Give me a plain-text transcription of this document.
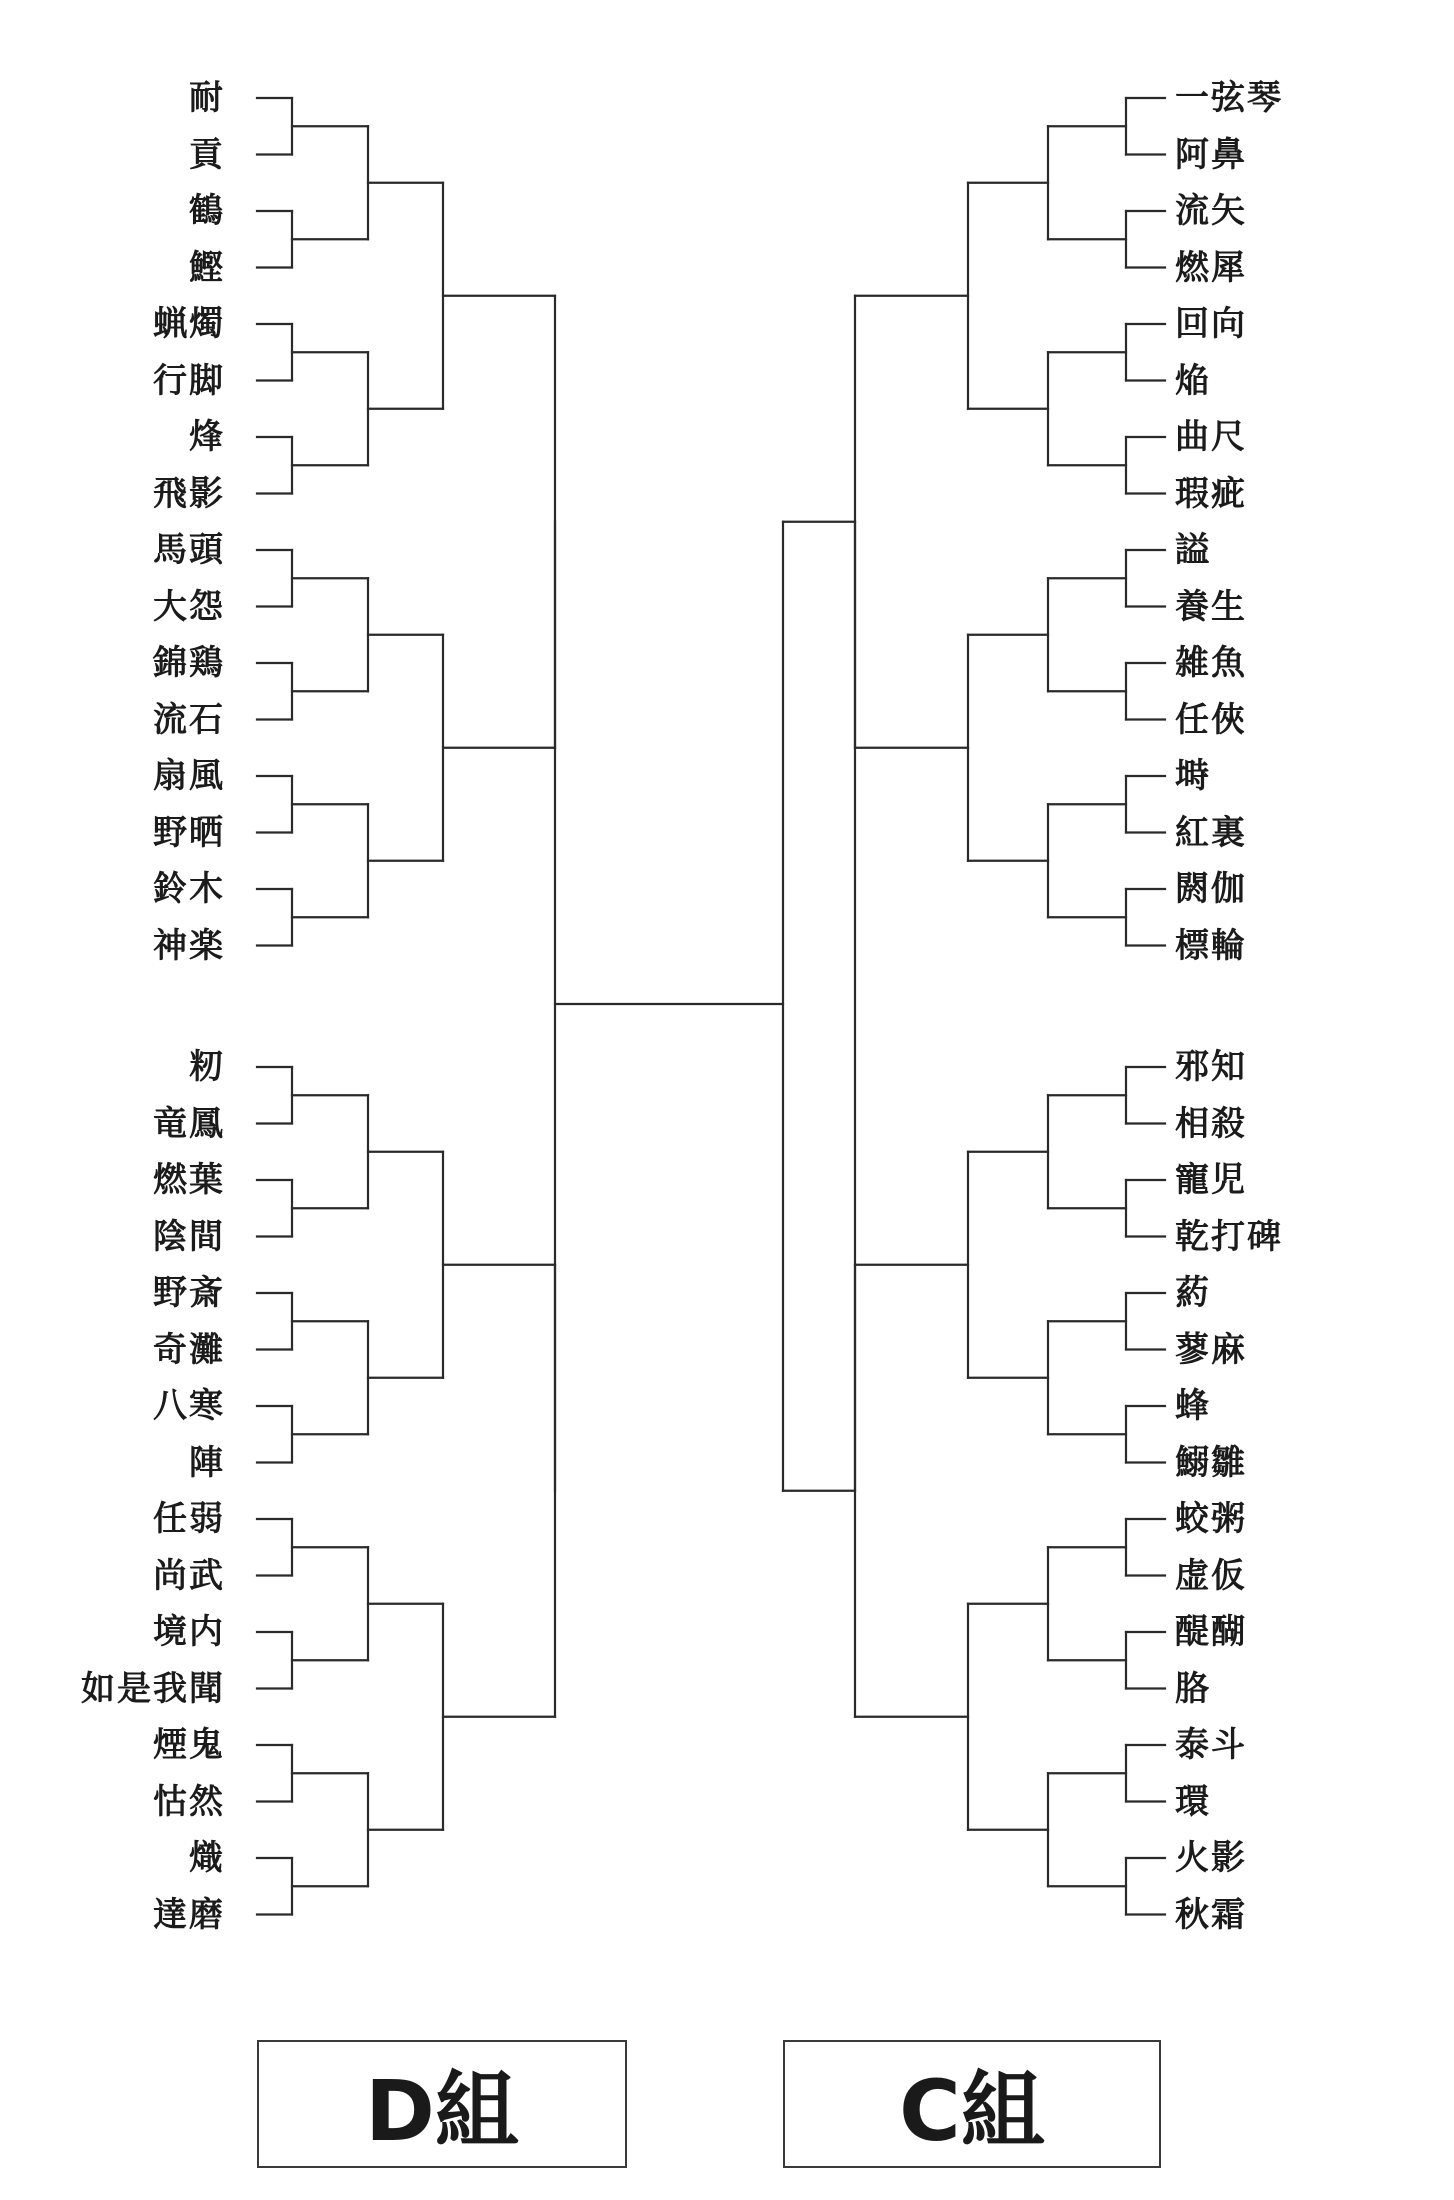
耐
貢
鶴
鰹
蝋燭
行脚
烽
飛影
馬頭
大怨
錦鶏
流石
扇風
野晒
鈴木
神楽
籾
竜鳳
燃葉
陰間
野斎
奇灘
八寒
陣
任弱
尚武
境内
如是我聞
煙鬼
怙然
熾
達磨
一弦琴
阿鼻
流矢
燃犀
回向
焔
曲尺
瑕疵
謚
養生
雑魚
任俠
塒
紅裏
閼伽
標輪
邪知
相殺
寵児
乾打碑
葯
蓼麻
蜂
鰯雛
蛟粥
虚仮
醍醐
胳
泰斗
環
火影
秋霜
D組	C組
